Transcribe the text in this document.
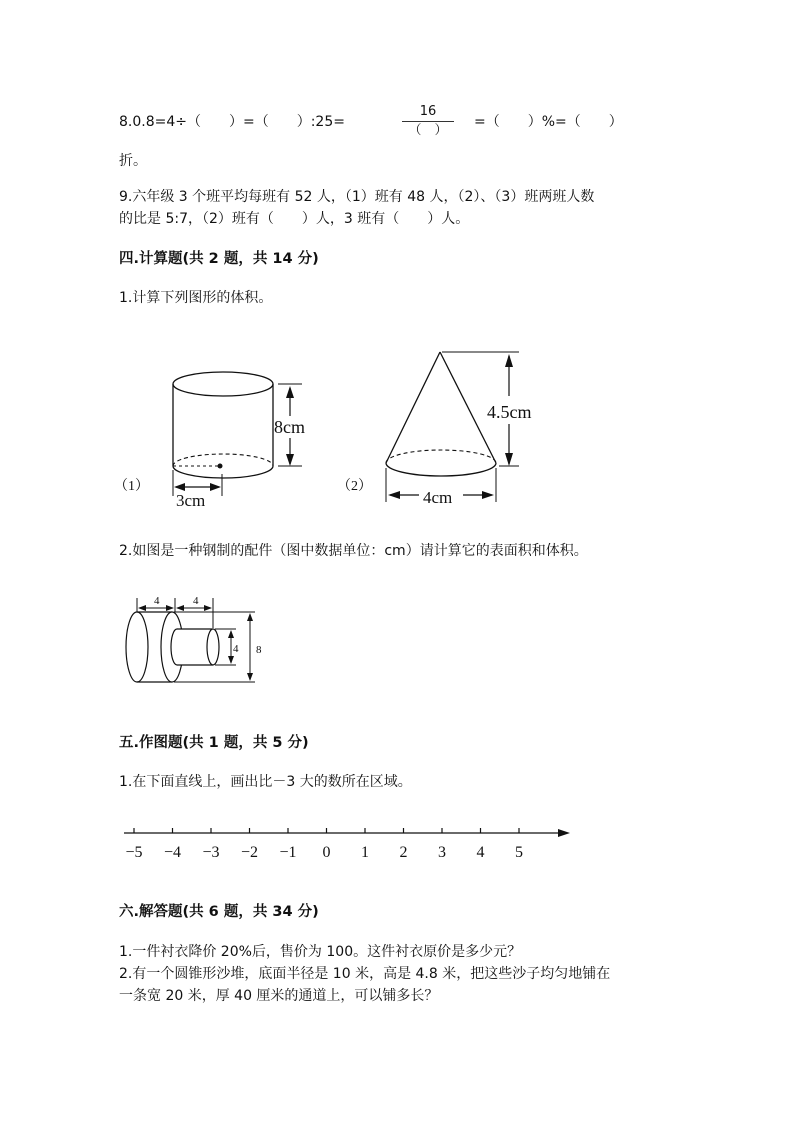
8.0.8=4÷（　　）=（　　）:25=
16
（　）
=（　　）%=（　　）
折。
9.六年级 3 个班平均每班有 52 人，（1）班有 48 人，（2）、（3）班两班人数
的比是 5:7，（2）班有（　　）人，3 班有（　　）人。
四.计算题(共 2 题，共 14 分)
1.计算下列图形的体积。
8cm
3cm
（1）
4.5cm
4cm
（2）
2.如图是一种钢制的配件（图中数据单位：cm）请计算它的表面积和体积。
4	4
4 8
五.作图题(共 1 题，共 5 分)
1.在下面直线上，画出比－3 大的数所在区域。
−5 −4 −3 −2 −1 0 1 2 3 4 5
六.解答题(共 6 题，共 34 分)
1.一件衬衣降价 20%后，售价为 100。这件衬衣原价是多少元？
2.有一个圆锥形沙堆，底面半径是 10 米，高是 4.8 米，把这些沙子均匀地铺在
一条宽 20 米，厚 40 厘米的通道上，可以铺多长？
